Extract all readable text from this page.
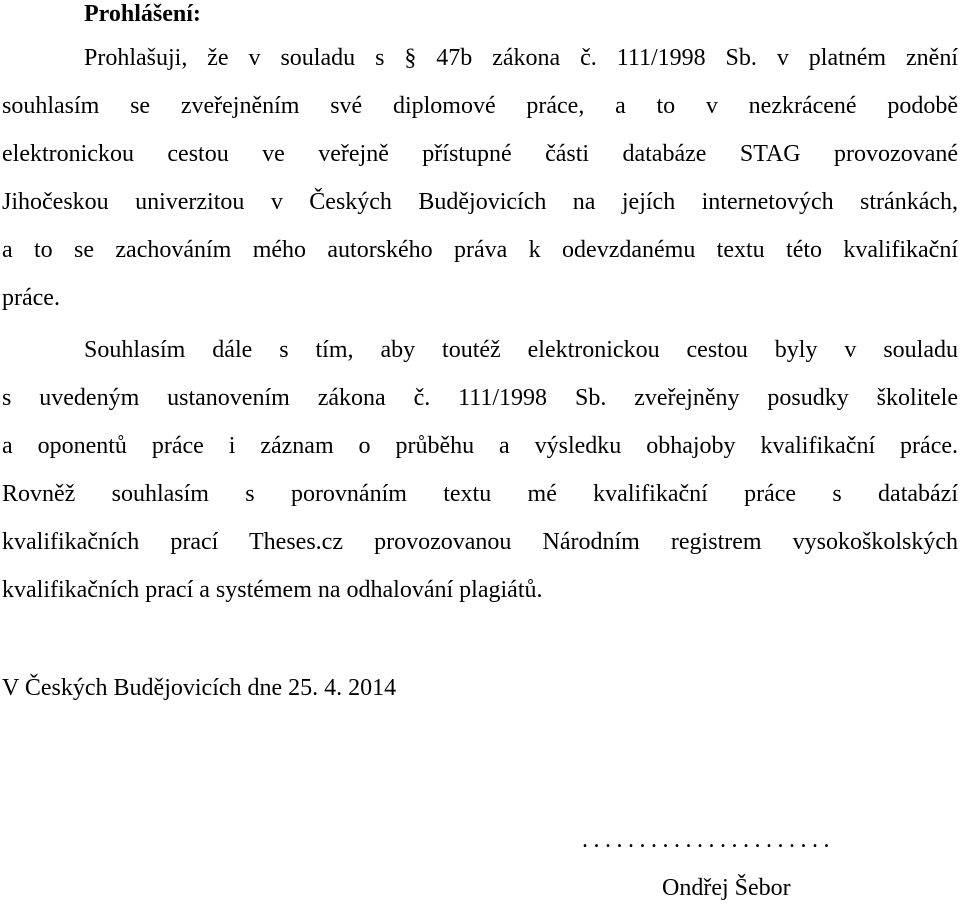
Prohlášení:
Prohlašuji, že v souladu s § 47b zákona č. 111/1998 Sb. v platném znění
souhlasím se zveřejněním své diplomové práce, a to v nezkrácené podobě
elektronickou cestou ve veřejně přístupné části databáze STAG provozované
Jihočeskou univerzitou v Českých Budějovicích na jejích internetových stránkách,
a to se zachováním mého autorského práva k odevzdanému textu této kvalifikační
práce.
Souhlasím dále s tím, aby toutéž elektronickou cestou byly v souladu
s uvedeným ustanovením zákona č. 111/1998 Sb. zveřejněny posudky školitele
a oponentů práce i záznam o průběhu a výsledku obhajoby kvalifikační práce.
Rovněž souhlasím s porovnáním textu mé kvalifikační práce s databází
kvalifikačních prací Theses.cz provozovanou Národním registrem vysokoškolských
kvalifikačních prací a systémem na odhalování plagiátů.
V Českých Budějovicích dne 25. 4. 2014
......................
Ondřej Šebor
